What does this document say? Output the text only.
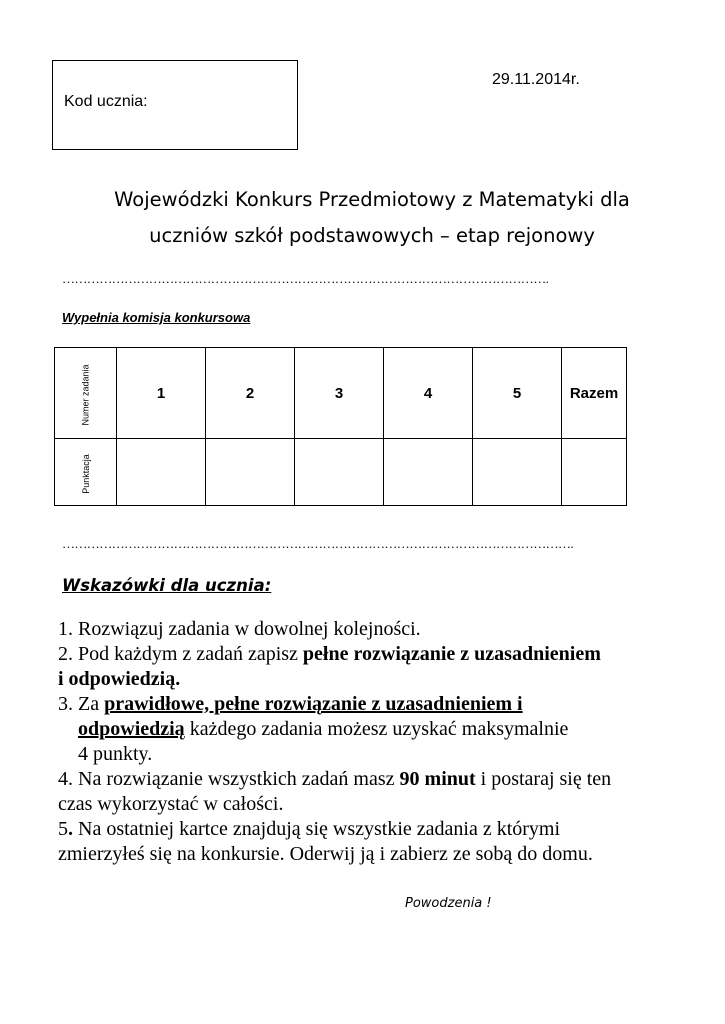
Kod ucznia:
29.11.2014r.
Wojewódzki Konkurs Przedmiotowy z Matematyki dla
uczniów szkół podstawowych – etap rejonowy
……………………………………………………………………………………………………….
Wypełnia komisja konkursowa
Numer zadania	1	2	3	4	5	Razem
Punktacja						
…………………………………………………………………………………………………………….
Wskazówki dla ucznia:

1. Rozwiązuj zadania w dowolnej kolejności.

2. Pod każdym z zadań zapisz pełne rozwiązanie z uzasadnieniem

i odpowiedzią.

3. Za prawidłowe, pełne rozwiązanie z uzasadnieniem i

odpowiedzią każdego zadania możesz uzyskać maksymalnie

4 punkty.

4. Na rozwiązanie wszystkich zadań masz 90 minut i postaraj się ten

czas wykorzystać w całości.

5. Na ostatniej kartce znajdują się wszystkie zadania z którymi

zmierzyłeś się na konkursie. Oderwij ją i zabierz ze sobą do domu.

Powodzenia !
